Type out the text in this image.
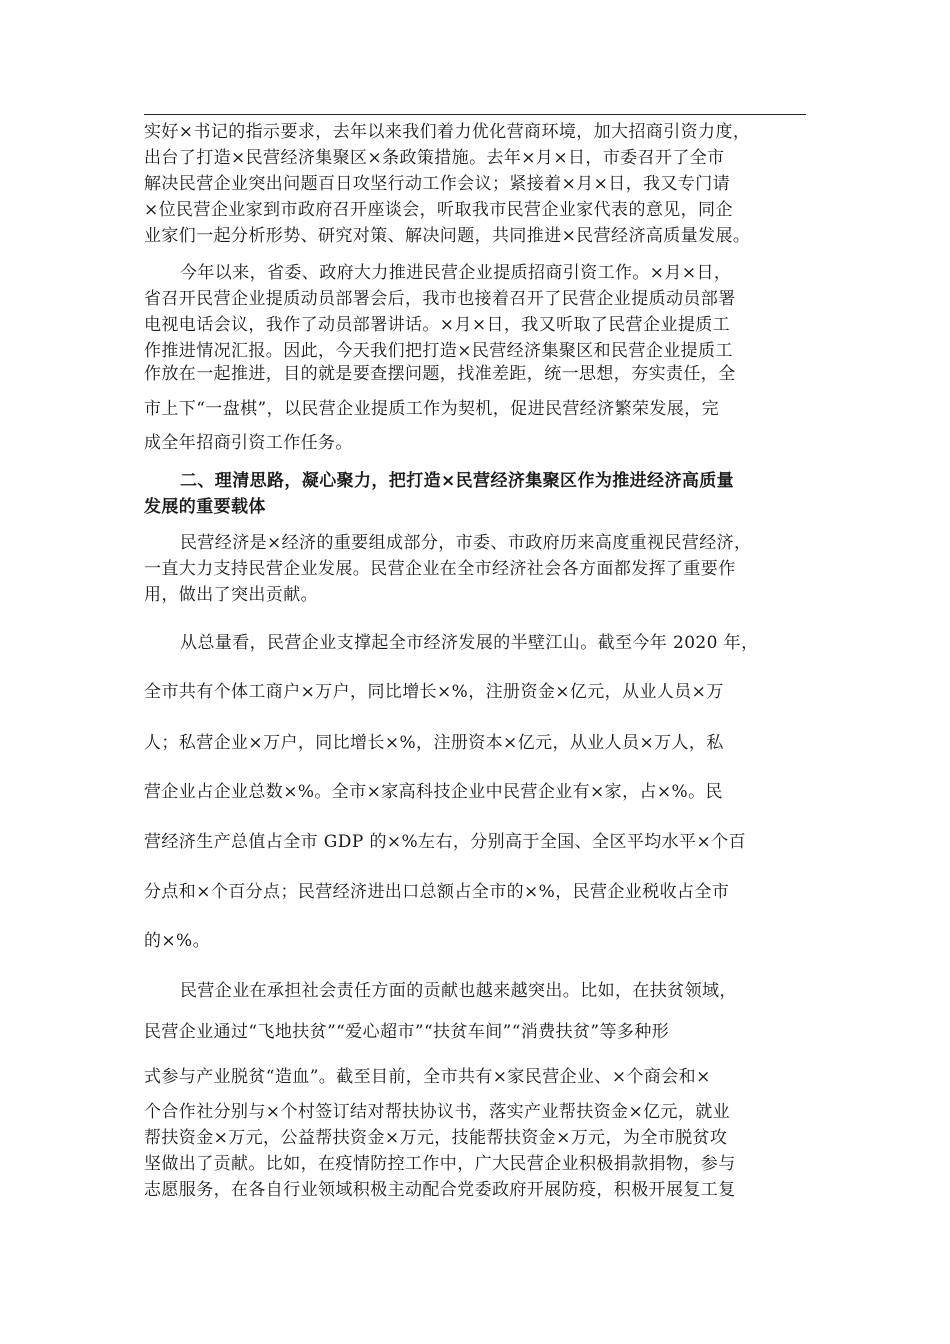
实好×书记的指示要求，去年以来我们着力优化营商环境，加大招商引资力度，
出台了打造×民营经济集聚区×条政策措施。去年×月×日，市委召开了全市
解决民营企业突出问题百日攻坚行动工作会议；紧接着×月×日，我又专门请
×位民营企业家到市政府召开座谈会，听取我市民营企业家代表的意见，同企
业家们一起分析形势、研究对策、解决问题，共同推进×民营经济高质量发展。
今年以来，省委、政府大力推进民营企业提质招商引资工作。×月×日，
省召开民营企业提质动员部署会后，我市也接着召开了民营企业提质动员部署
电视电话会议，我作了动员部署讲话。×月×日，我又听取了民营企业提质工
作推进情况汇报。因此，今天我们把打造×民营经济集聚区和民营企业提质工
作放在一起推进，目的就是要查摆问题，找准差距，统一思想，夯实责任，全
市上下“一盘棋”，以民营企业提质工作为契机，促进民营经济繁荣发展，完
成全年招商引资工作任务。
二、理清思路，凝心聚力，把打造×民营经济集聚区作为推进经济高质量
发展的重要载体
民营经济是×经济的重要组成部分，市委、市政府历来高度重视民营经济，
一直大力支持民营企业发展。民营企业在全市经济社会各方面都发挥了重要作
用，做出了突出贡献。
从总量看，民营企业支撑起全市经济发展的半壁江山。截至今年 2020 年，
全市共有个体工商户×万户，同比增长×%，注册资金×亿元，从业人员×万
人；私营企业×万户，同比增长×%，注册资本×亿元，从业人员×万人，私
营企业占企业总数×%。全市×家高科技企业中民营企业有×家，占×%。民
营经济生产总值占全市 GDP 的×%左右，分别高于全国、全区平均水平×个百
分点和×个百分点；民营经济进出口总额占全市的×%，民营企业税收占全市
的×%。
民营企业在承担社会责任方面的贡献也越来越突出。比如，在扶贫领域，
民营企业通过“飞地扶贫”“爱心超市”“扶贫车间”“消费扶贫”等多种形
式参与产业脱贫“造血”。截至目前，全市共有×家民营企业、×个商会和×
个合作社分别与×个村签订结对帮扶协议书，落实产业帮扶资金×亿元，就业
帮扶资金×万元，公益帮扶资金×万元，技能帮扶资金×万元，为全市脱贫攻
坚做出了贡献。比如，在疫情防控工作中，广大民营企业积极捐款捐物，参与
志愿服务，在各自行业领域积极主动配合党委政府开展防疫，积极开展复工复
